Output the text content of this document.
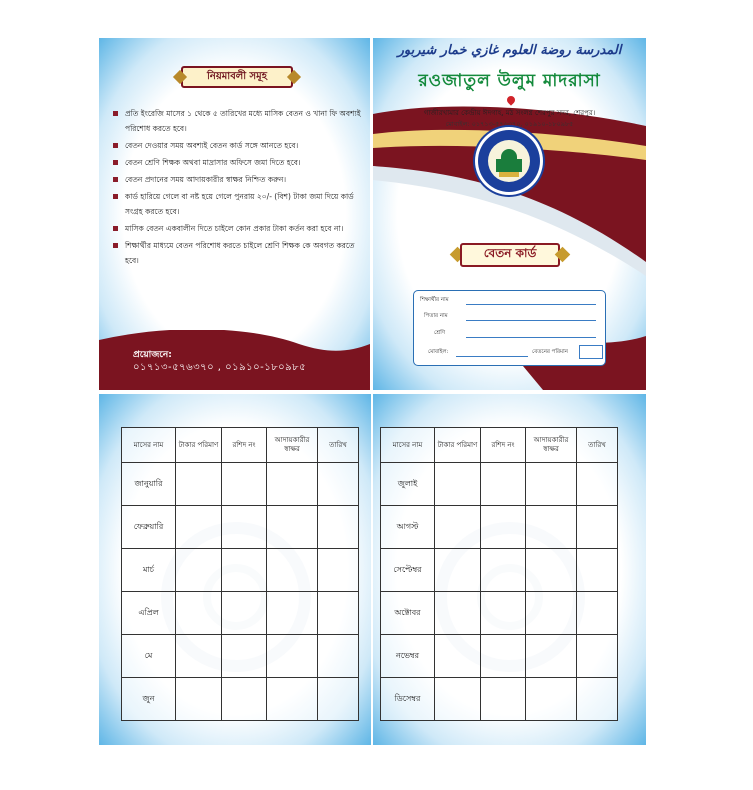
নিয়মাবলী সমূহ
প্রতি ইংরেজি মাসের ১ থেকে ৫ তারিখের মধ্যে মাসিক বেতন ও খানা ফি অবশ্যই পরিশোধ করতে হবে।
বেতন দেওয়ার সময় অবশ্যই বেতন কার্ড সঙ্গে আনতে হবে।
বেতন শ্রেণি শিক্ষক অথবা মাদ্রাসার অফিসে জমা দিতে হবে।
বেতন প্রদানের সময় আদায়কারীর স্বাক্ষর নিশ্চিত করুন।
কার্ড হারিয়ে গেলে বা নষ্ট হয়ে গেলে পুনরায় ২০/- (বিশ) টাকা জমা দিয়ে কার্ড সংগ্রহ করতে হবে।
মাসিক বেতন একবালীন দিতে চাইলে কোন প্রকার টাকা কর্তন করা হবে না।
শিক্ষার্থীর মাধ্যমে বেতন পরিশোধ করতে চাইলে শ্রেণি শিক্ষক কে অবগত করতে হবে।
প্রয়োজনে:
০১৭১৩-৫৭৬৩৭০ , ০১৯১০-১৮০৯৮৫
المدرسة روضة العلوم غازي خمار شيربور
রওজাতুল উলুম মাদরাসা
গাজীরখামার কেন্দ্রীয় ঈদগাহ, মঠ সংলগ্ন শেরপুর সদর, শেরপুর।
মোবাইল: ০১৭১৩-৫৭৬৩৭০, ০১৯১০-১৮০৯৮৫
বেতন কার্ড
শিক্ষার্থীর নাম
পিতার নাম
শ্রেণি
মোবাইল:	বেতনের পরিমান
মাসের নাম	টাকার পরিমাণ	রশিদ নং	আদায়কারীর স্বাক্ষর	তারিখ
জানুয়ারি				
ফেব্রুয়ারি				
মার্চ				
এপ্রিল				
মে				
জুন				
মাসের নাম	টাকার পরিমাণ	রশিদ নং	আদায়কারীর স্বাক্ষর	তারিখ
জুলাই				
আগস্ট				
সেপ্টেম্বর				
অক্টোবর				
নভেম্বর				
ডিসেম্বর				
